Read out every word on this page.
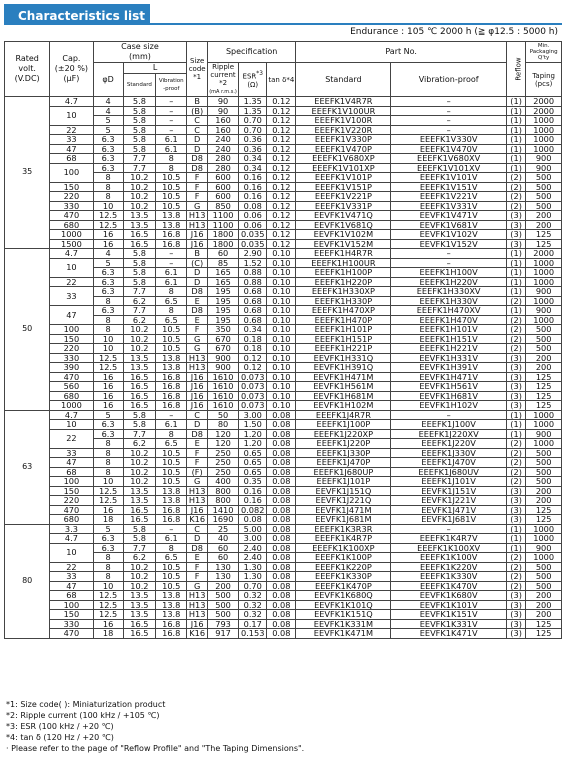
Characteristics list
Endurance : 105 ℃ 2000 h (≧ φ12.5 : 5000 h)
Rated
volt.
(V.DC)	Cap.
(±20 %)
(µF)	Case size
(mm)			Size
code
*1	Specification			Part No.		Reflow	Min.
Packaging
Q'ty
		φD	L			Ripple
current
*2
(mA r.m.s.)	ESR$^{*3}$
(Ω)	tan δ*4	Standard	Vibration-proof		Taping
(pcs)
			Standard	Vibration
-proof								
35	4.7	4	5.8	–	B	90	1.35	0.12	EEEFK1V4R7R	–	(1)	2000
	10	4	5.8	–	(B)	90	1.35	0.12	EEEFK1V100UR	–	(1)	2000
		5	5.8	–	C	160	0.70	0.12	EEEFK1V100R	–	(1)	1000
	22	5	5.8	–	C	160	0.70	0.12	EEEFK1V220R	–	(1)	1000
	33	6.3	5.8	6.1	D	240	0.36	0.12	EEEFK1V330P	EEEFK1V330V	(1)	1000
	47	6.3	5.8	6.1	D	240	0.36	0.12	EEEFK1V470P	EEEFK1V470V	(1)	1000
	68	6.3	7.7	8	D8	280	0.34	0.12	EEEFK1V680XP	EEEFK1V680XV	(1)	900
	100	6.3	7.7	8	D8	280	0.34	0.12	EEEFK1V101XP	EEEFK1V101XV	(1)	900
		8	10.2	10.5	F	600	0.16	0.12	EEEFK1V101P	EEEFK1V101V	(2)	500
	150	8	10.2	10.5	F	600	0.16	0.12	EEEFK1V151P	EEEFK1V151V	(2)	500
	220	8	10.2	10.5	F	600	0.16	0.12	EEEFK1V221P	EEEFK1V221V	(2)	500
	330	10	10.2	10.5	G	850	0.08	0.12	EEEFK1V331P	EEEFK1V331V	(2)	500
	470	12.5	13.5	13.8	H13	1100	0.06	0.12	EEVFK1V471Q	EEVFK1V471V	(3)	200
	680	12.5	13.5	13.8	H13	1100	0.06	0.12	EEVFK1V681Q	EEVFK1V681V	(3)	200
	1000	16	16.5	16.8	J16	1800	0.035	0.12	EEVFK1V102M	EEVFK1V102V	(3)	125
	1500	16	16.5	16.8	J16	1800	0.035	0.12	EEVFK1V152M	EEVFK1V152V	(3)	125
50	4.7	4	5.8	–	B	60	2.90	0.10	EEEFK1H4R7R	–	(1)	2000
	10	5	5.8	–	(C)	85	1.52	0.10	EEEFK1H100UR	–	(1)	1000
		6.3	5.8	6.1	D	165	0.88	0.10	EEEFK1H100P	EEEFK1H100V	(1)	1000
	22	6.3	5.8	6.1	D	165	0.88	0.10	EEEFK1H220P	EEEFK1H220V	(1)	1000
	33	6.3	7.7	8	D8	195	0.68	0.10	EEEFK1H330XP	EEEFK1H330XV	(1)	900
		8	6.2	6.5	E	195	0.68	0.10	EEEFK1H330P	EEEFK1H330V	(2)	1000
	47	6.3	7.7	8	D8	195	0.68	0.10	EEEFK1H470XP	EEEFK1H470XV	(1)	900
		8	6.2	6.5	E	195	0.68	0.10	EEEFK1H470P	EEEFK1H470V	(2)	1000
	100	8	10.2	10.5	F	350	0.34	0.10	EEEFK1H101P	EEEFK1H101V	(2)	500
	150	10	10.2	10.5	G	670	0.18	0.10	EEEFK1H151P	EEEFK1H151V	(2)	500
	220	10	10.2	10.5	G	670	0.18	0.10	EEEFK1H221P	EEEFK1H221V	(2)	500
	330	12.5	13.5	13.8	H13	900	0.12	0.10	EEVFK1H331Q	EEVFK1H331V	(3)	200
	390	12.5	13.5	13.8	H13	900	0.12	0.10	EEVFK1H391Q	EEVFK1H391V	(3)	200
	470	16	16.5	16.8	J16	1610	0.073	0.10	EEVFK1H471M	EEVFK1H471V	(3)	125
	560	16	16.5	16.8	J16	1610	0.073	0.10	EEVFK1H561M	EEVFK1H561V	(3)	125
	680	16	16.5	16.8	J16	1610	0.073	0.10	EEVFK1H681M	EEVFK1H681V	(3)	125
	1000	16	16.5	16.8	J16	1610	0.073	0.10	EEVFK1H102M	EEVFK1H102V	(3)	125
63	4.7	5	5.8	–	C	50	3.00	0.08	EEEFK1J4R7R	–	(1)	1000
	10	6.3	5.8	6.1	D	80	1.50	0.08	EEEFK1J100P	EEEFK1J100V	(1)	1000
	22	6.3	7.7	8	D8	120	1.20	0.08	EEEFK1J220XP	EEEFK1J220XV	(1)	900
		8	6.2	6.5	E	120	1.20	0.08	EEEFK1J220P	EEEFK1J220V	(2)	1000
	33	8	10.2	10.5	F	250	0.65	0.08	EEEFK1J330P	EEEFK1J330V	(2)	500
	47	8	10.2	10.5	F	250	0.65	0.08	EEEFK1J470P	EEEFK1J470V	(2)	500
	68	8	10.2	10.5	(F)	250	0.65	0.08	EEEFK1J680UP	EEEFK1J680UV	(2)	500
	100	10	10.2	10.5	G	400	0.35	0.08	EEEFK1J101P	EEEFK1J101V	(2)	500
	150	12.5	13.5	13.8	H13	800	0.16	0.08	EEVFK1J151Q	EEVFK1J151V	(3)	200
	220	12.5	13.5	13.8	H13	800	0.16	0.08	EEVFK1J221Q	EEVFK1J221V	(3)	200
	470	16	16.5	16.8	J16	1410	0.082	0.08	EEVFK1J471M	EEVFK1J471V	(3)	125
	680	18	16.5	16.8	K16	1690	0.08	0.08	EEVFK1J681M	EEVFK1J681V	(3)	125
80	3.3	5	5.8	–	C	25	5.00	0.08	EEEFK1K3R3R	–	(1)	1000
	4.7	6.3	5.8	6.1	D	40	3.00	0.08	EEEFK1K4R7P	EEEFK1K4R7V	(1)	1000
	10	6.3	7.7	8	D8	60	2.40	0.08	EEEFK1K100XP	EEEFK1K100XV	(1)	900
		8	6.2	6.5	E	60	2.40	0.08	EEEFK1K100P	EEEFK1K100V	(2)	1000
	22	8	10.2	10.5	F	130	1.30	0.08	EEEFK1K220P	EEEFK1K220V	(2)	500
	33	8	10.2	10.5	F	130	1.30	0.08	EEEFK1K330P	EEEFK1K330V	(2)	500
	47	10	10.2	10.5	G	200	0.70	0.08	EEEFK1K470P	EEEFK1K470V	(2)	500
	68	12.5	13.5	13.8	H13	500	0.32	0.08	EEVFK1K680Q	EEVFK1K680V	(3)	200
	100	12.5	13.5	13.8	H13	500	0.32	0.08	EEVFK1K101Q	EEVFK1K101V	(3)	200
	150	12.5	13.5	13.8	H13	500	0.32	0.08	EEVFK1K151Q	EEVFK1K151V	(3)	200
	330	16	16.5	16.8	J16	793	0.17	0.08	EEVFK1K331M	EEVFK1K331V	(3)	125
	470	18	16.5	16.8	K16	917	0.153	0.08	EEVFK1K471M	EEVFK1K471V	(3)	125
*1: Size code( ): Miniaturization product
*2: Ripple current (100 kHz / +105 ℃)
*3: ESR (100 kHz / +20 ℃)
*4: tan δ (120 Hz / +20 ℃)
· Please refer to the page of "Reflow Profile" and "The Taping Dimensions".
